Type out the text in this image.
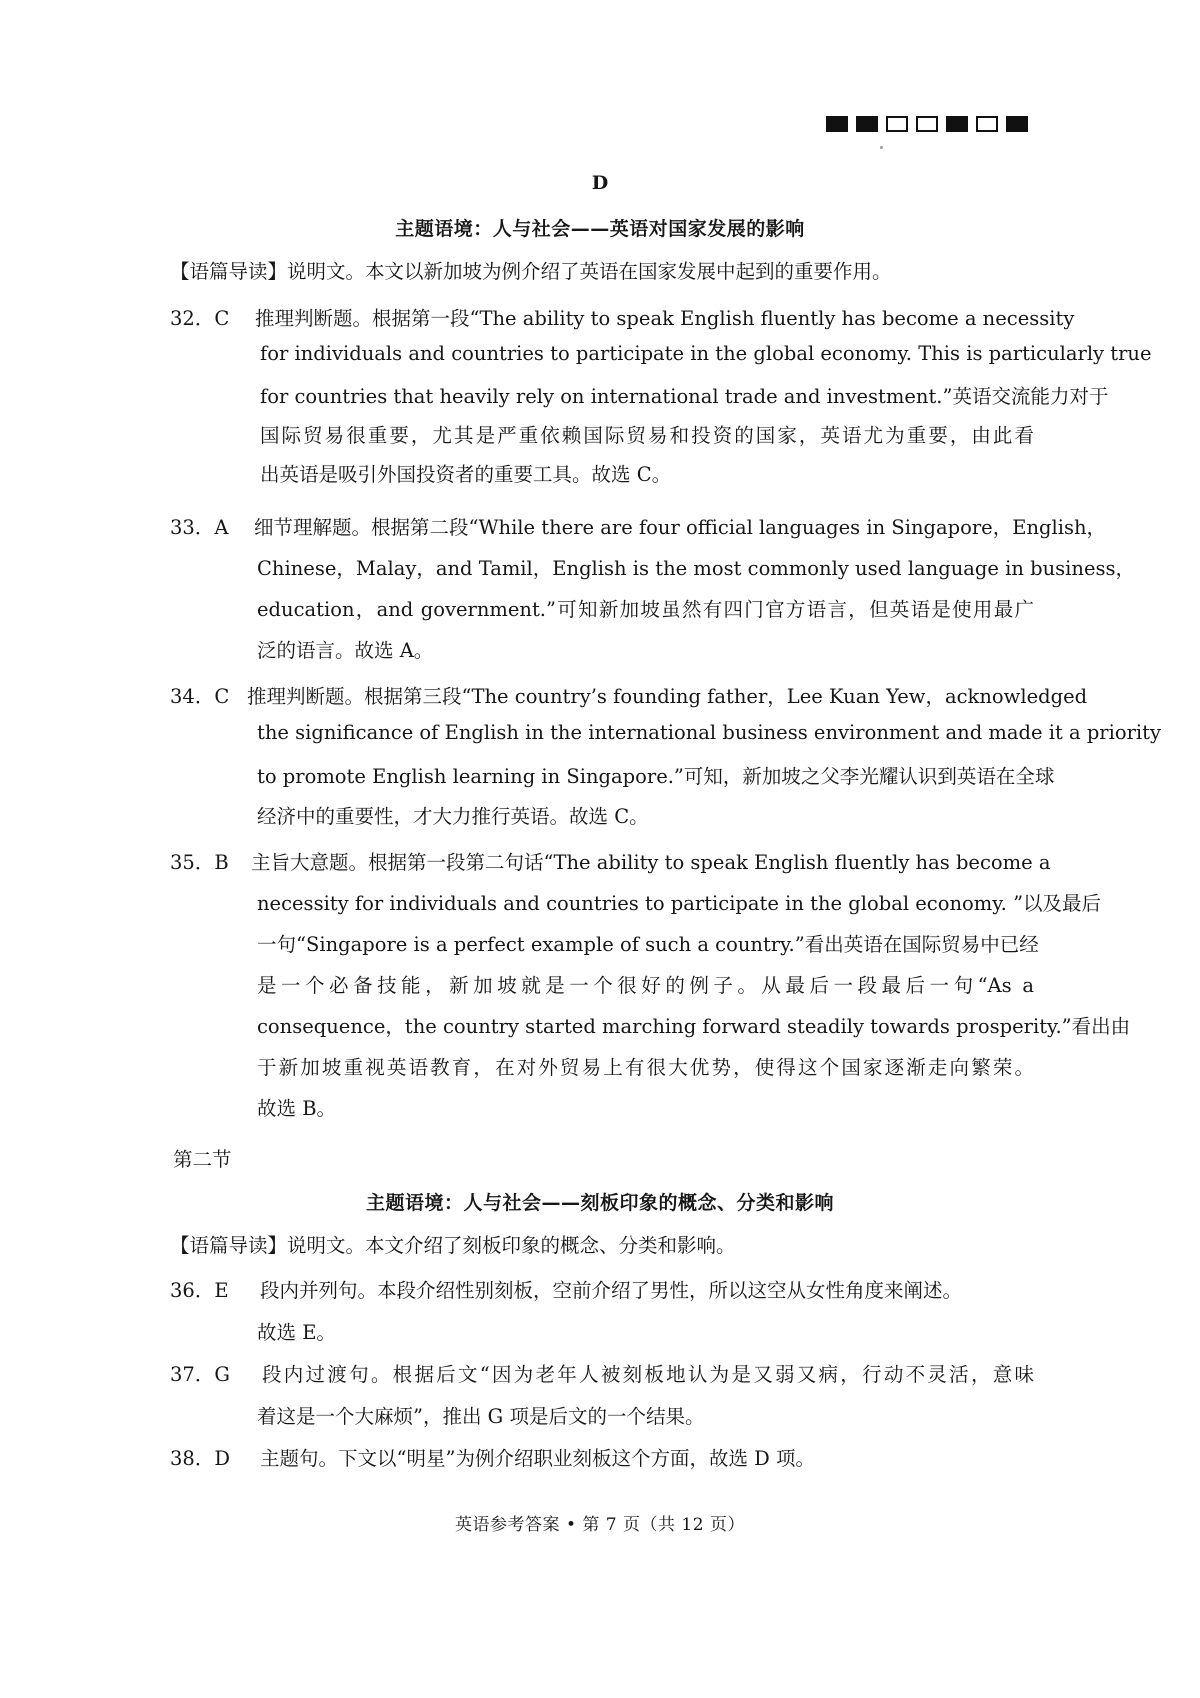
D
主题语境：人与社会——英语对国家发展的影响
【语篇导读】说明文。本文以新加坡为例介绍了英语在国家发展中起到的重要作用。
32．C 推理判断题。根据第一段“The ability to speak English fluently has become a necessity
for individuals and countries to participate in the global economy. This is particularly true
for countries that heavily rely on international trade and investment.”英语交流能力对于
国际贸易很重要，尤其是严重依赖国际贸易和投资的国家，英语尤为重要，由此看
出英语是吸引外国投资者的重要工具。故选 C。
33．A 细节理解题。根据第二段“While there are four official languages in Singapore，English，
Chinese，Malay，and Tamil，English is the most commonly used language in business，
education，and government.”可知新加坡虽然有四门官方语言，但英语是使用最广
泛的语言。故选 A。
34．C 推理判断题。根据第三段“The country’s founding father，Lee Kuan Yew，acknowledged
the significance of English in the international business environment and made it a priority
to promote English learning in Singapore.”可知，新加坡之父李光耀认识到英语在全球
经济中的重要性，才大力推行英语。故选 C。
35．B 主旨大意题。根据第一段第二句话“The ability to speak English fluently has become a
necessity for individuals and countries to participate in the global economy. ”以及最后
一句“Singapore is a perfect example of such a country.”看出英语在国际贸易中已经
是一个必备技能，新加坡就是一个很好的例子。从最后一段最后一句“As a
consequence，the country started marching forward steadily towards prosperity.”看出由
于新加坡重视英语教育，在对外贸易上有很大优势，使得这个国家逐渐走向繁荣。
故选 B。
第二节
主题语境：人与社会——刻板印象的概念、分类和影响
【语篇导读】说明文。本文介绍了刻板印象的概念、分类和影响。
36．E 段内并列句。本段介绍性别刻板，空前介绍了男性，所以这空从女性角度来阐述。
故选 E。
37．G 段内过渡句。根据后文“因为老年人被刻板地认为是又弱又病，行动不灵活，意味
着这是一个大麻烦”，推出 G 项是后文的一个结果。
38．D 主题句。下文以“明星”为例介绍职业刻板这个方面，故选 D 项。
英语参考答案 • 第 7 页（共 12 页）
